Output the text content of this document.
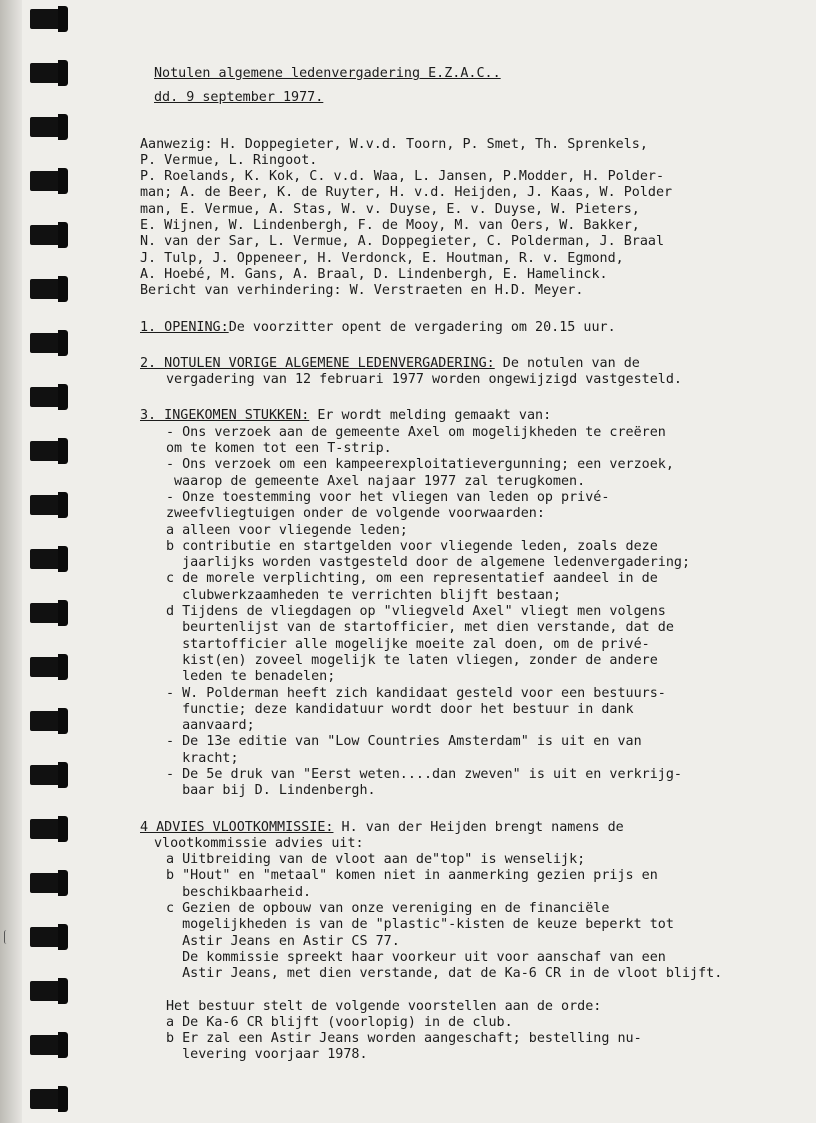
Notulen algemene ledenvergadering E.Z.A.C..
dd. 9 september 1977.
Aanwezig: H. Doppegieter, W.v.d. Toorn, P. Smet, Th. Sprenkels,
P. Vermue, L. Ringoot.
P. Roelands, K. Kok, C. v.d. Waa, L. Jansen, P.Modder, H. Polder-
man; A. de Beer, K. de Ruyter, H. v.d. Heijden, J. Kaas, W. Polder
man, E. Vermue, A. Stas, W. v. Duyse, E. v. Duyse, W. Pieters,
E. Wijnen, W. Lindenbergh, F. de Mooy, M. van Oers, W. Bakker,
N. van der Sar, L. Vermue, A. Doppegieter, C. Polderman, J. Braal
J. Tulp, J. Oppeneer, H. Verdonck, E. Houtman, R. v. Egmond,
A. Hoebé, M. Gans, A. Braal, D. Lindenbergh, E. Hamelinck.
Bericht van verhindering: W. Verstraeten en H.D. Meyer.
1. OPENING:De voorzitter opent de vergadering om 20.15 uur.
2. NOTULEN VORIGE ALGEMENE LEDENVERGADERING: De notulen van de
vergadering van 12 februari 1977 worden ongewijzigd vastgesteld.
3. INGEKOMEN STUKKEN: Er wordt melding gemaakt van:
- Ons verzoek aan de gemeente Axel om mogelijkheden te creëren
om te komen tot een T-strip.
- Ons verzoek om een kampeerexploitatievergunning; een verzoek,
waarop de gemeente Axel najaar 1977 zal terugkomen.
- Onze toestemming voor het vliegen van leden op privé-
zweefvliegtuigen onder de volgende voorwaarden:
a alleen voor vliegende leden;
b contributie en startgelden voor vliegende leden, zoals deze
jaarlijks worden vastgesteld door de algemene ledenvergadering;
c de morele verplichting, om een representatief aandeel in de
clubwerkzaamheden te verrichten blijft bestaan;
d Tijdens de vliegdagen op "vliegveld Axel" vliegt men volgens
beurtenlijst van de startofficier, met dien verstande, dat de
startofficier alle mogelijke moeite zal doen, om de privé-
kist(en) zoveel mogelijk te laten vliegen, zonder de andere
leden te benadelen;
- W. Polderman heeft zich kandidaat gesteld voor een bestuurs-
functie; deze kandidatuur wordt door het bestuur in dank
aanvaard;
- De 13e editie van "Low Countries Amsterdam" is uit en van
kracht;
- De 5e druk van "Eerst weten....dan zweven" is uit en verkrijg-
baar bij D. Lindenbergh.
4 ADVIES VLOOTKOMMISSIE: H. van der Heijden brengt namens de
vlootkommissie advies uit:
a Uitbreiding van de vloot aan de"top" is wenselijk;
b "Hout" en "metaal" komen niet in aanmerking gezien prijs en
beschikbaarheid.
c Gezien de opbouw van onze vereniging en de financiële
mogelijkheden is van de "plastic"-kisten de keuze beperkt tot
Astir Jeans en Astir CS 77.
De kommissie spreekt haar voorkeur uit voor aanschaf van een
Astir Jeans, met dien verstande, dat de Ka-6 CR in de vloot blijft.
Het bestuur stelt de volgende voorstellen aan de orde:
a De Ka-6 CR blijft (voorlopig) in de club.
b Er zal een Astir Jeans worden aangeschaft; bestelling nu-
levering voorjaar 1978.
